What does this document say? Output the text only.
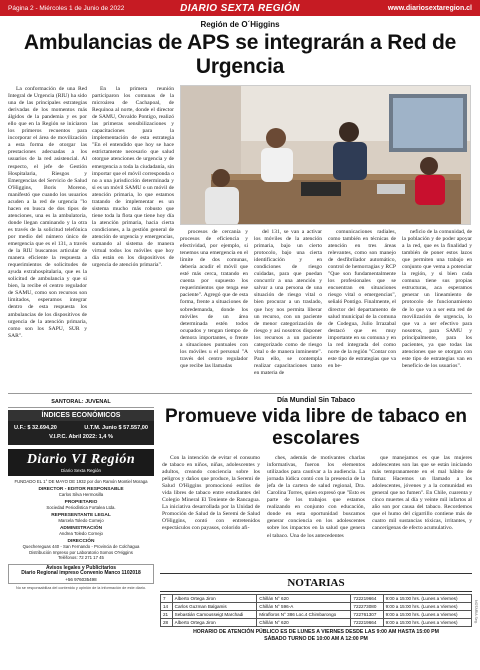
Página 2 - Miércoles 1 de Junio de 2022	DIARIO SEXTA REGIÓN	www.diariosextaregion.cl
Región de O´Higgins
Ambulancias de APS se integrarán a Red de Urgencia

La conformación de una Red Integral de Urgencia (RIU) ha sido una de las principales estrategias derivadas de los momentos más álgidos de la pandemia y es por ello que en la Región se iniciaron los primeros recuentos para incorporar el área de movilización a esta forma de otorgar las prestaciones adecuadas a los usuarios de la red asistencial. Al respecto, el jefe de Gestión Hospitalaria, Riesgos y Emergencias del Servicio de Salud O'Higgins, Boris Moreno, manifestó que cuando los usuarios acuden a la red de urgencia "lo hacen en busca de dos tipos de atenciones, una es la ambulatoria, donde llegan caminando y la otra es través de la solicitud telefónica por medio del número único de emergencia que es el 131, a través de la RIU buscamos articular de manera eficiente la respuesta a requerimientos de solicitudes de ayuda extrahospitalaria, que es la solicitud de ambulancia y que si bien, la recibe el centro regulador de SAMU, como son recursos son limitados, esperamos integrar dentro de esta respuesta los ambulancias de los dispositivos de urgencia de la atención primaria, como son los SAPU, SUR y SAR".

En la primera reunión participaron los comunas de la microárea de Cachapoal, de Requínoa al norte, donde el director de SAMU, Osvaldo Pontigo, realizó las primeras sensibilizaciones y capacitaciones para la implementación de esta estrategia "En el entendido que hoy se hace estrictamente necesario que salud otorgue atenciones de urgencia y de emergencia a toda la ciudadanía, sin importar que el móvil corresponda o no a una jurisdicción determinada y si es un móvil SAMU o un móvil de atención primaria, lo que estamos tratando de implementar es un sistema mucho más robusto que tiene toda la flota que tiene hoy día la atención primaria, hacia cierta condiciones, a la gestión general de atención de urgencia y emergencias, sumando al sistema de manera virtual todos los móviles que hoy día están en los dispositivos de urgencia de atención primaria".

procesos de cercanía y procesos de eficiencia y efectividad, por ejemplo, si tenemos una emergencia en el límite de dos comunas, debería acudir el móvil que esté más cerca, tratando en cuenta por supuesto los requerimientos que tenga ese paciente". Agregó que de esta forma, frente a situaciones de sobredemanda, donde los móviles de un área determinada estén todos ocupados y tengan tiempo de demora importantes, o frente a situaciones puntuales con los móviles u el personal "A través del centro regulador que recibe las llamadas

del 131, se van a activar los móviles de la atención primaria, bajo un cierto protocolo, bajo una cierta identificación y en condiciones de riesgo cuidadas, para que puedan concurrir a una atención y salvar a una persona de una situación de riesgo vital o bien procurar a un traslado, que hoy nos permita liberar un recurso, con un paciente de menor categorización de riesgo y así nosotros disponer los recursos a un paciente categorizado como de riesgo vital o de manera inminente". Para ello, se contempla realizar capacitaciones tanto en materia de

comunicaciones radiales, como también en técnicas de atención en tres áreas relevantes, como son manejo de desfibrilador automático, control de hemorragias y RCP "Que son fundamentalmente los profesionales que se encuentran en situaciones riesgo vital o emergencias", señaló Pontigo. Finalmente, el director del departamento de salud municipal de la comuna de Codegua, Julio Irrazabal destacó que es muy importante en su comuna y en la red integrada del como norte de la región "Contar con este tipo de estrategias que va en be-

neficio de la comunidad, de la población y de poder apoyar a la red, que es la finalidad y también de poner estos lazos que permiten una trabajo en conjunto que vema a potenciar la región, y si bien cada comuna tiene sus propias estructuras, aca esperamos generar un lineamiento de protocolo de funcionamiento de lo que va a ser esta red de movilización de urgencia, lo que va a ser efectivo para nosotros, para SAMU y principalmente, para los pacientes, ya que todas las atenciones que se otorgan con este tipo de estrategias van en beneficio de los usuarios".

SANTORAL: JUVENAL
ÍNDICES ECONÓMICOS
U.F.: $ 32.694,20	U.T.M. Junio $ 57.557,00
V.I.P.C. Abril 2022: 1,4 %
Diario VI Región
Diario Sexta Región
FUNDADO EL 1° DE MAYO DE 1932 por don Ramón Montiel Moraga
DIRECTOR - EDITOR RESPONSABLE
Carlos Silva Hermosilla
PROPIETARIO
Sociedad Periodística Fortalea Ltda.
REPRESENTANTE LEGAL
Marcela Toledo Cornejo
ADMINISTRACIÓN
Andrea Toledo Cornejo
DIRECCIÓN
Quechereguas 440 - San Fernando - Provincia de Colchagua
Distribución Impreso por Laboratorio Somos O'Higgins
Teléfonos: 72 271 17 45
Avisos legales y Publicitarios
Diario Regional impreso Convenio Manco 1102018
+56 976035498
No se responsabiliza del contenido y opinión de la información de este diario.
Día Mundial Sin Tabaco
Promueve vida libre de tabaco en escolares

Con la intención de evitar el consumo de tabaco en niños, niñas, adolescentes y adultos, creando conciencia sobre los peligros y daños que produce, la Seremi de Salud O'Higgins promocionó estilos de vida libres de tabaco entre estudiantes del Colegio Mineral El Teniente de Rancagua. La iniciativa desarrollada por la Unidad de Promoción de Salud de la Seremi de Salud O'Higgins, contó con entretenidos espectáculos con payasos, colorido afi-

ches, además de motivantes charlas informativas, fueron los elementos utilizados para cautivar a la audiencia. La jornada lúdica contó con la presencia de la jefa de la cartera de salud regional, Dra. Carolina Torres, quien expresó que "Esto es parte de los trabajos que estamos realizando en conjunto con educación, donde en esta oportunidad buscamos generar conciencia en los adolescentes sobre los impactos en la salud que genera el tabaco. Una de los antecedentes

que manejamos es que las mujeres adolescentes son las que se están iniciando más tempranamente en el mal hábito de fumar. Hacemos un llamado a los adolescentes, jóvenes y a la comunidad en general que no fumen". En Chile, cuarenta y cinco muertes al día y veinte mil infartos al año son por causa del tabaco. Recordemos que el humo del cigarrillo contiene más de cuatro mil sustancias tóxicas, irritantes, y cancerígenas de efecto acumulativo.

NOTARIAS
7	Alberto Ortega Jiron	Chillán N° 620	722219664	9:00 a 15:00 hrs. (Lunes a Viernes)
14	Carlos Guzman Balgamis	Chillán N° 596-A	722273080	9:00 a 15:00 hrs. (Lunes a Viernes)
21	Sebastián Camousseigt Marchadi	Mirafloros N° 386 Loc.4 Chimbarongo	722761307	9:00 a 15:00 hrs. (Lunes a Viernes)
28	Alberto Ortega Jiron	Chillán N° 620	722219664	9:00 a 15:00 hrs. (Lunes a Viernes)
HORARIO DE ATENCIÓN PÚBLICO ES DE LUNES A VIERNES DESDE LAS 9:00 AM HASTA 15:00 PM
SÁBADO TURNO DE 10:00 AM A 12:00 PM
NOTARIA Seg.
